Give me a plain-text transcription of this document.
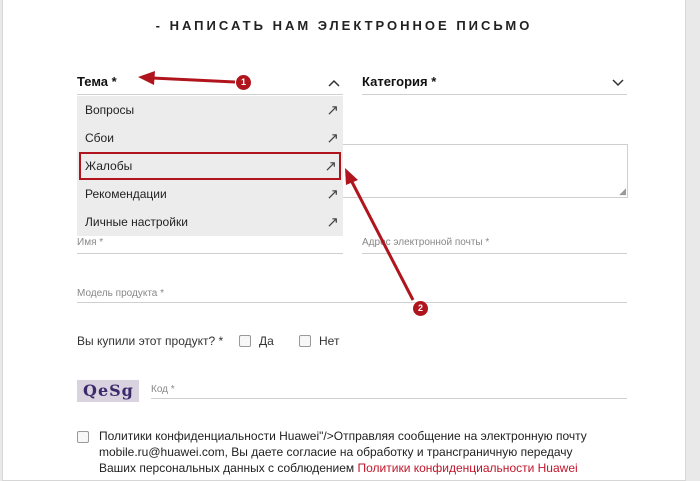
- НАПИСАТЬ НАМ ЭЛЕКТРОННОЕ ПИСЬМО
Тема *	Категория *
◢
Вопросы	↗
Сбои	↗
Жалобы	↗
Рекомендации	↗
Личные настройки	↗
Имя *	Адрес электронной почты *
Модель продукта *
Вы купили этот продукт? *	Да	Нет
QeSg Код *
Политики конфиденциальности Huawei"/>Отправляя сообщение на электронную почту mobile.ru@huawei.com, Вы даете согласие на обработку и трансграничную передачу Ваших персональных данных с соблюдением Политики конфиденциальности Huawei
1
2
